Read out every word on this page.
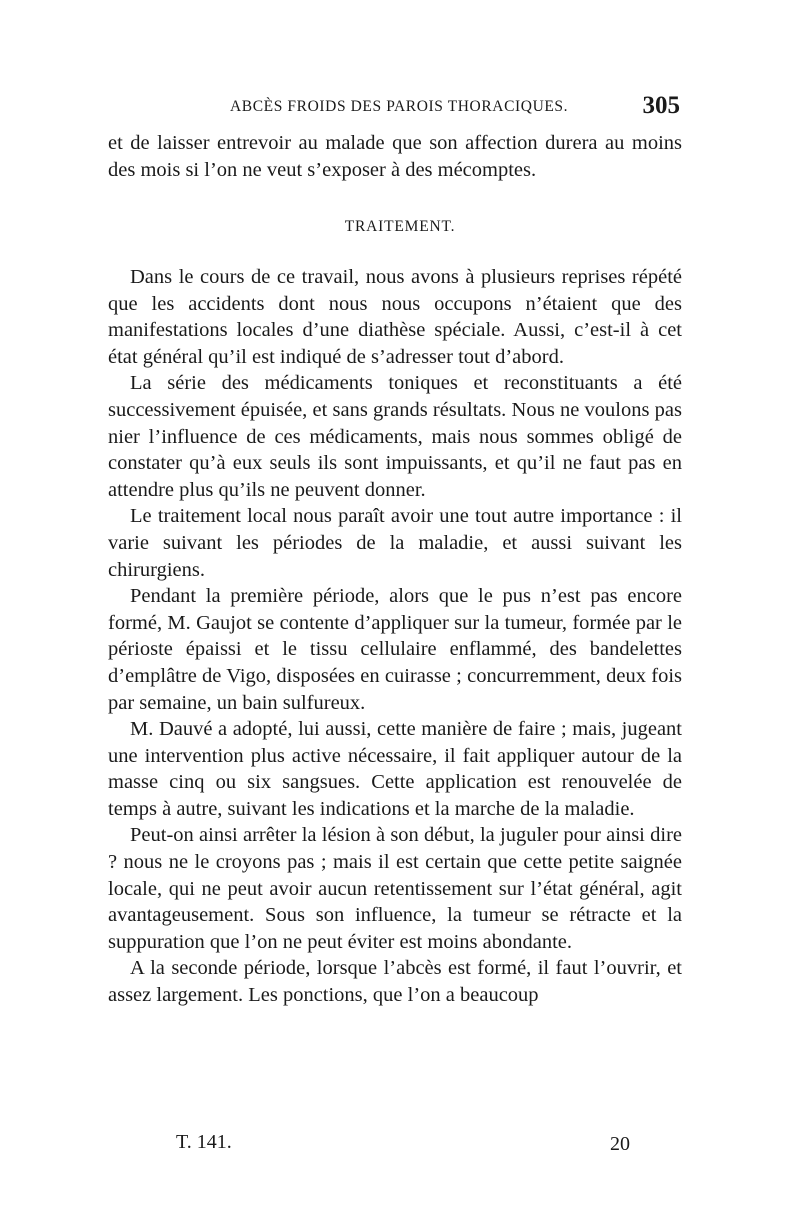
ABCÈS FROIDS DES PAROIS THORACIQUES.	305
et de laisser entrevoir au malade que son affection durera au moins des mois si l’on ne veut s’exposer à des mécomptes.
TRAITEMENT.

Dans le cours de ce travail, nous avons à plusieurs reprises répété que les accidents dont nous nous occupons n’étaient que des manifestations locales d’une diathèse spéciale. Aussi, c’est-il à cet état général qu’il est indiqué de s’adresser tout d’abord.

La série des médicaments toniques et reconstituants a été successivement épuisée, et sans grands résultats. Nous ne voulons pas nier l’influence de ces médicaments, mais nous sommes obligé de constater qu’à eux seuls ils sont impuissants, et qu’il ne faut pas en attendre plus qu’ils ne peuvent donner.

Le traitement local nous paraît avoir une tout autre importance : il varie suivant les périodes de la maladie, et aussi suivant les chirurgiens.

Pendant la première période, alors que le pus n’est pas encore formé, M. Gaujot se contente d’appliquer sur la tumeur, formée par le périoste épaissi et le tissu cellulaire enflammé, des bandelettes d’emplâtre de Vigo, disposées en cuirasse ; concurremment, deux fois par semaine, un bain sulfureux.

M. Dauvé a adopté, lui aussi, cette manière de faire ; mais, jugeant une intervention plus active nécessaire, il fait appliquer autour de la masse cinq ou six sangsues. Cette application est renouvelée de temps à autre, suivant les indications et la marche de la maladie.

Peut-on ainsi arrêter la lésion à son début, la juguler pour ainsi dire ? nous ne le croyons pas ; mais il est certain que cette petite saignée locale, qui ne peut avoir aucun retentissement sur l’état général, agit avantageusement. Sous son influence, la tumeur se rétracte et la suppuration que l’on ne peut éviter est moins abondante.

A la seconde période, lorsque l’abcès est formé, il faut l’ouvrir, et assez largement. Les ponctions, que l’on a beaucoup

T. 141.	20
